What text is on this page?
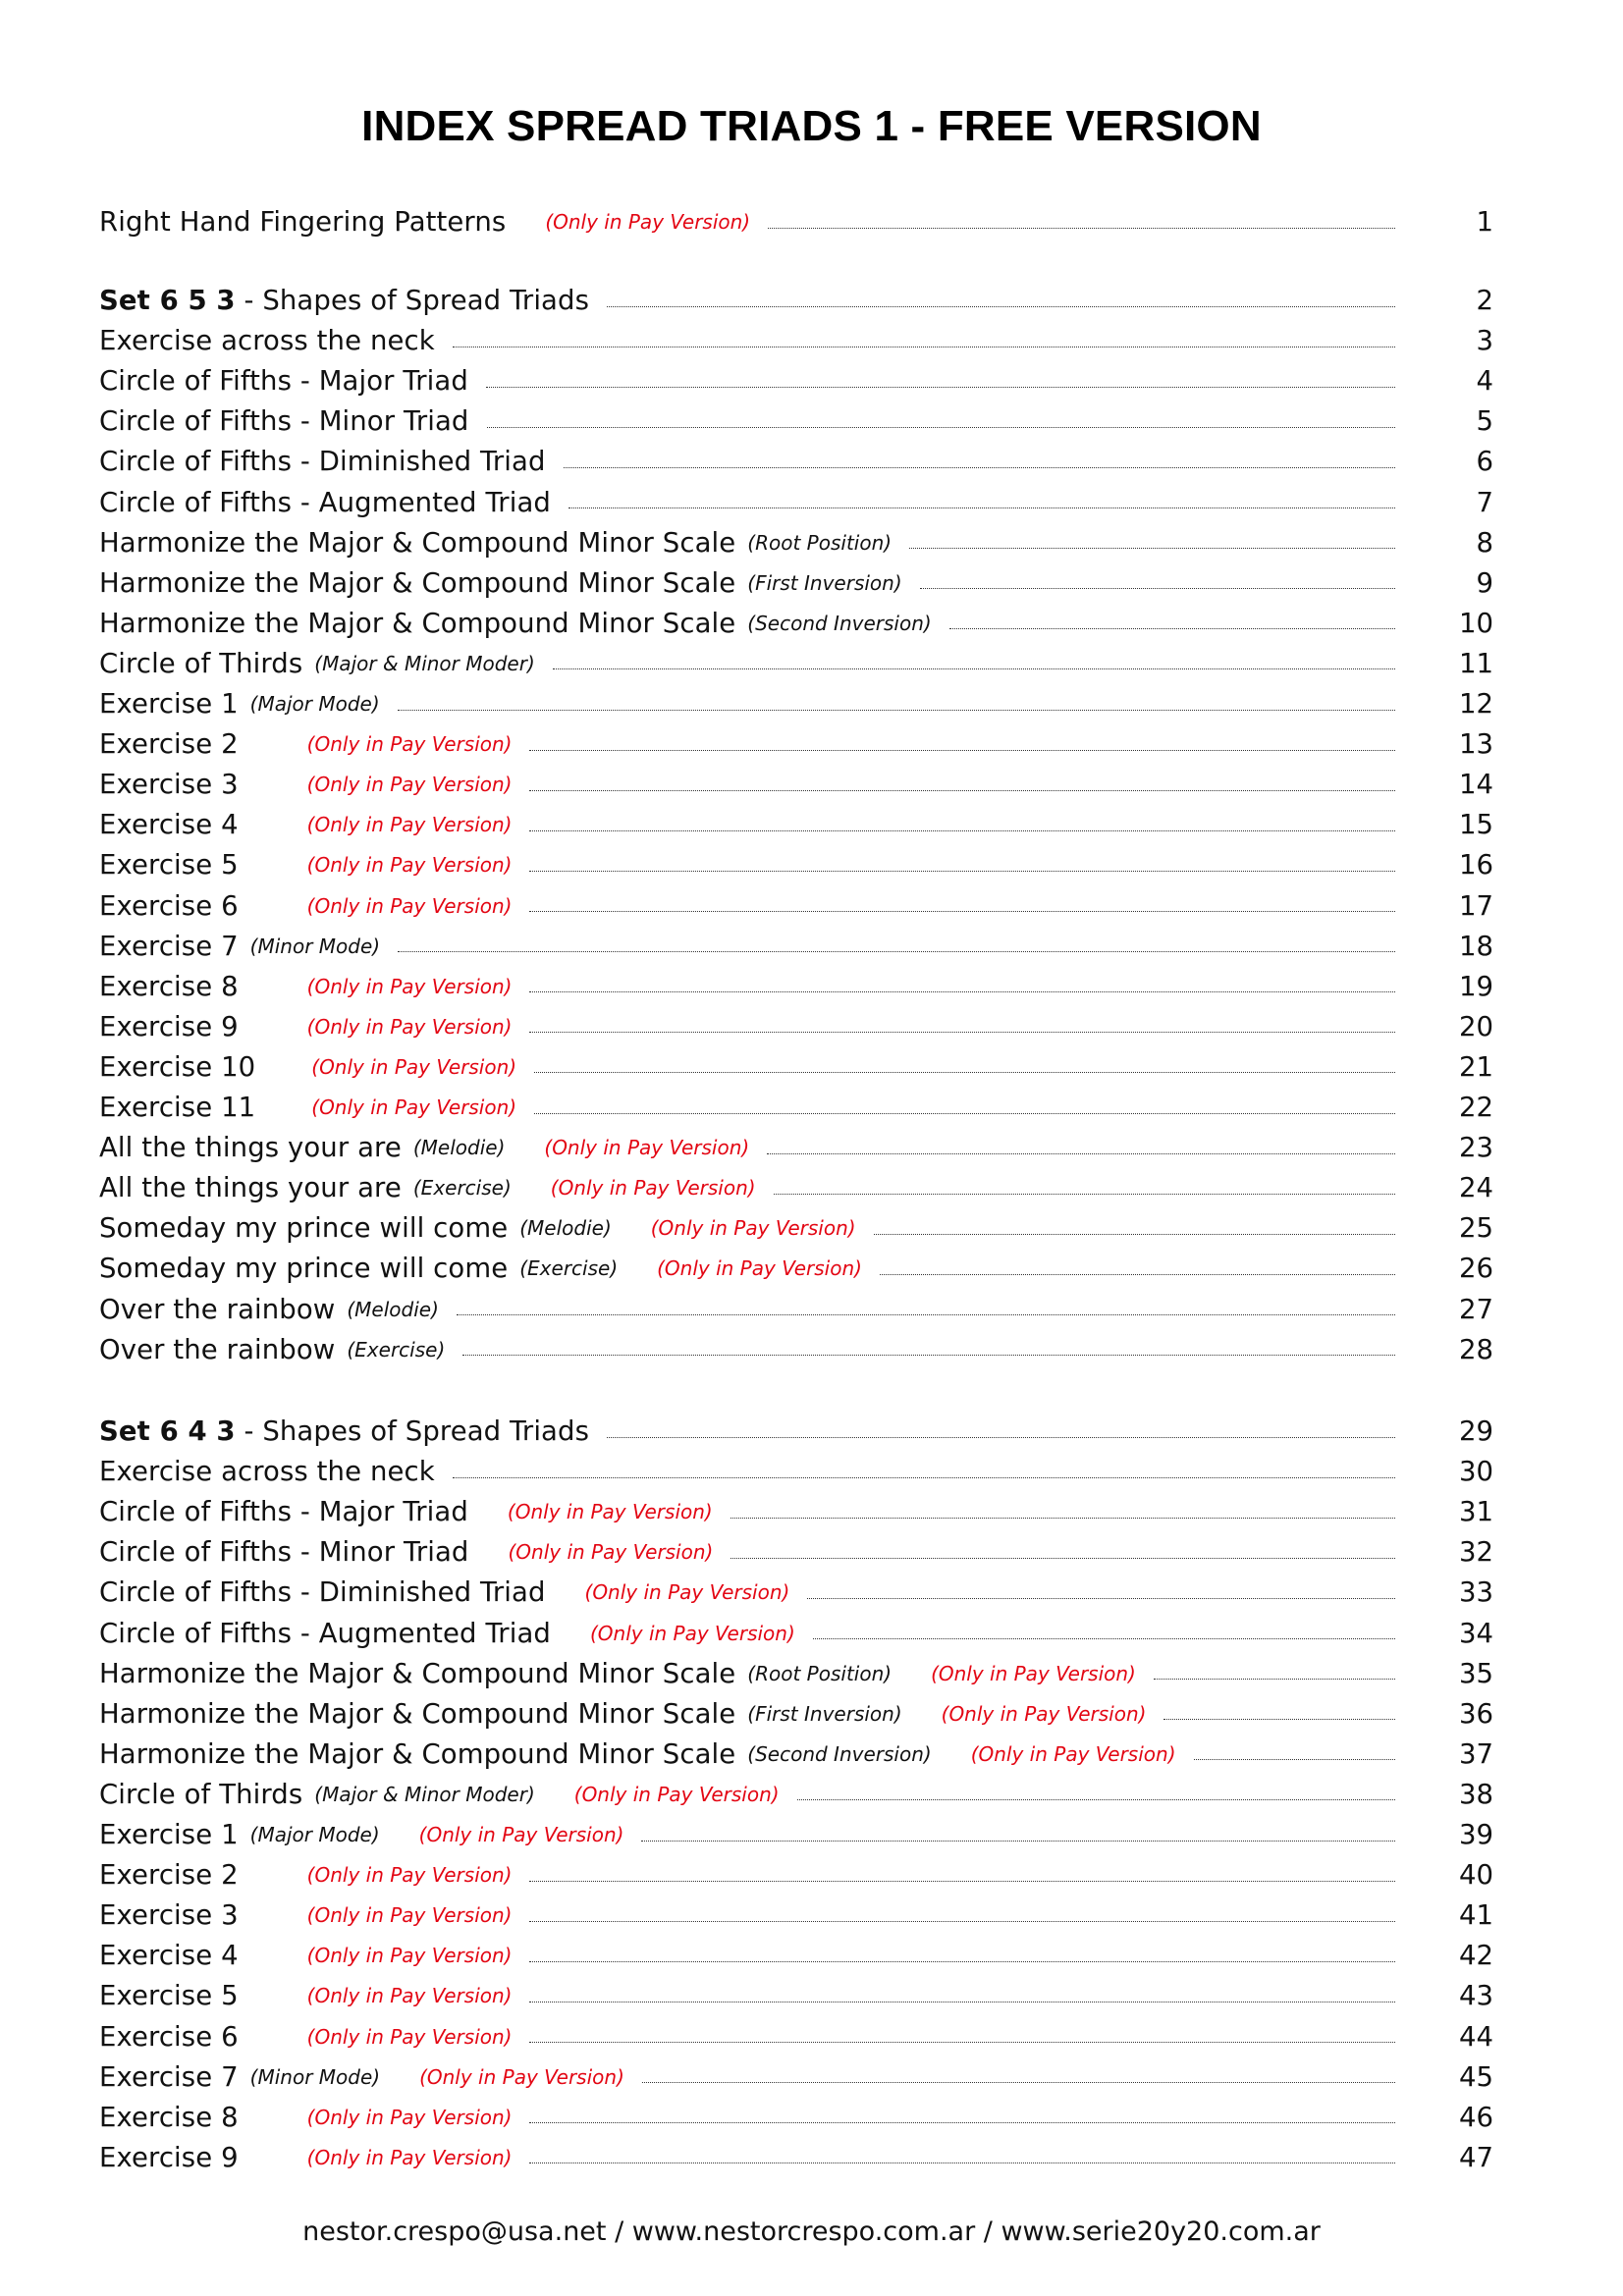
INDEX SPREAD TRIADS 1 - FREE VERSION
Right Hand Fingering Patterns (Only in Pay Version)	1
Set 6 5 3 - Shapes of Spread Triads	2
Exercise across the neck	3
Circle of Fifths - Major Triad	4
Circle of Fifths - Minor Triad	5
Circle of Fifths - Diminished Triad	6
Circle of Fifths - Augmented Triad	7
Harmonize the Major & Compound Minor Scale (Root Position)	8
Harmonize the Major & Compound Minor Scale (First Inversion)	9
Harmonize the Major & Compound Minor Scale (Second Inversion)	10
Circle of Thirds (Major & Minor Moder)	11
Exercise 1 (Major Mode)	12
Exercise 2	(Only in Pay Version)	13
Exercise 3	(Only in Pay Version)	14
Exercise 4	(Only in Pay Version)	15
Exercise 5	(Only in Pay Version)	16
Exercise 6	(Only in Pay Version)	17
Exercise 7 (Minor Mode)	18
Exercise 8	(Only in Pay Version)	19
Exercise 9	(Only in Pay Version)	20
Exercise 10	(Only in Pay Version)	21
Exercise 11	(Only in Pay Version)	22
All the things your are (Melodie) (Only in Pay Version)	23
All the things your are (Exercise) (Only in Pay Version)	24
Someday my prince will come (Melodie) (Only in Pay Version)	25
Someday my prince will come (Exercise) (Only in Pay Version)	26
Over the rainbow (Melodie)	27
Over the rainbow (Exercise)	28
Set 6 4 3 - Shapes of Spread Triads	29
Exercise across the neck	30
Circle of Fifths - Major Triad (Only in Pay Version)	31
Circle of Fifths - Minor Triad (Only in Pay Version)	32
Circle of Fifths - Diminished Triad (Only in Pay Version)	33
Circle of Fifths - Augmented Triad (Only in Pay Version)	34
Harmonize the Major & Compound Minor Scale (Root Position) (Only in Pay Version)	35
Harmonize the Major & Compound Minor Scale (First Inversion) (Only in Pay Version)	36
Harmonize the Major & Compound Minor Scale (Second Inversion) (Only in Pay Version)	37
Circle of Thirds (Major & Minor Moder) (Only in Pay Version)	38
Exercise 1 (Major Mode) (Only in Pay Version)	39
Exercise 2	(Only in Pay Version)	40
Exercise 3	(Only in Pay Version)	41
Exercise 4	(Only in Pay Version)	42
Exercise 5	(Only in Pay Version)	43
Exercise 6	(Only in Pay Version)	44
Exercise 7 (Minor Mode) (Only in Pay Version)	45
Exercise 8	(Only in Pay Version)	46
Exercise 9	(Only in Pay Version)	47
nestor.crespo@usa.net / www.nestorcrespo.com.ar / www.serie20y20.com.ar
